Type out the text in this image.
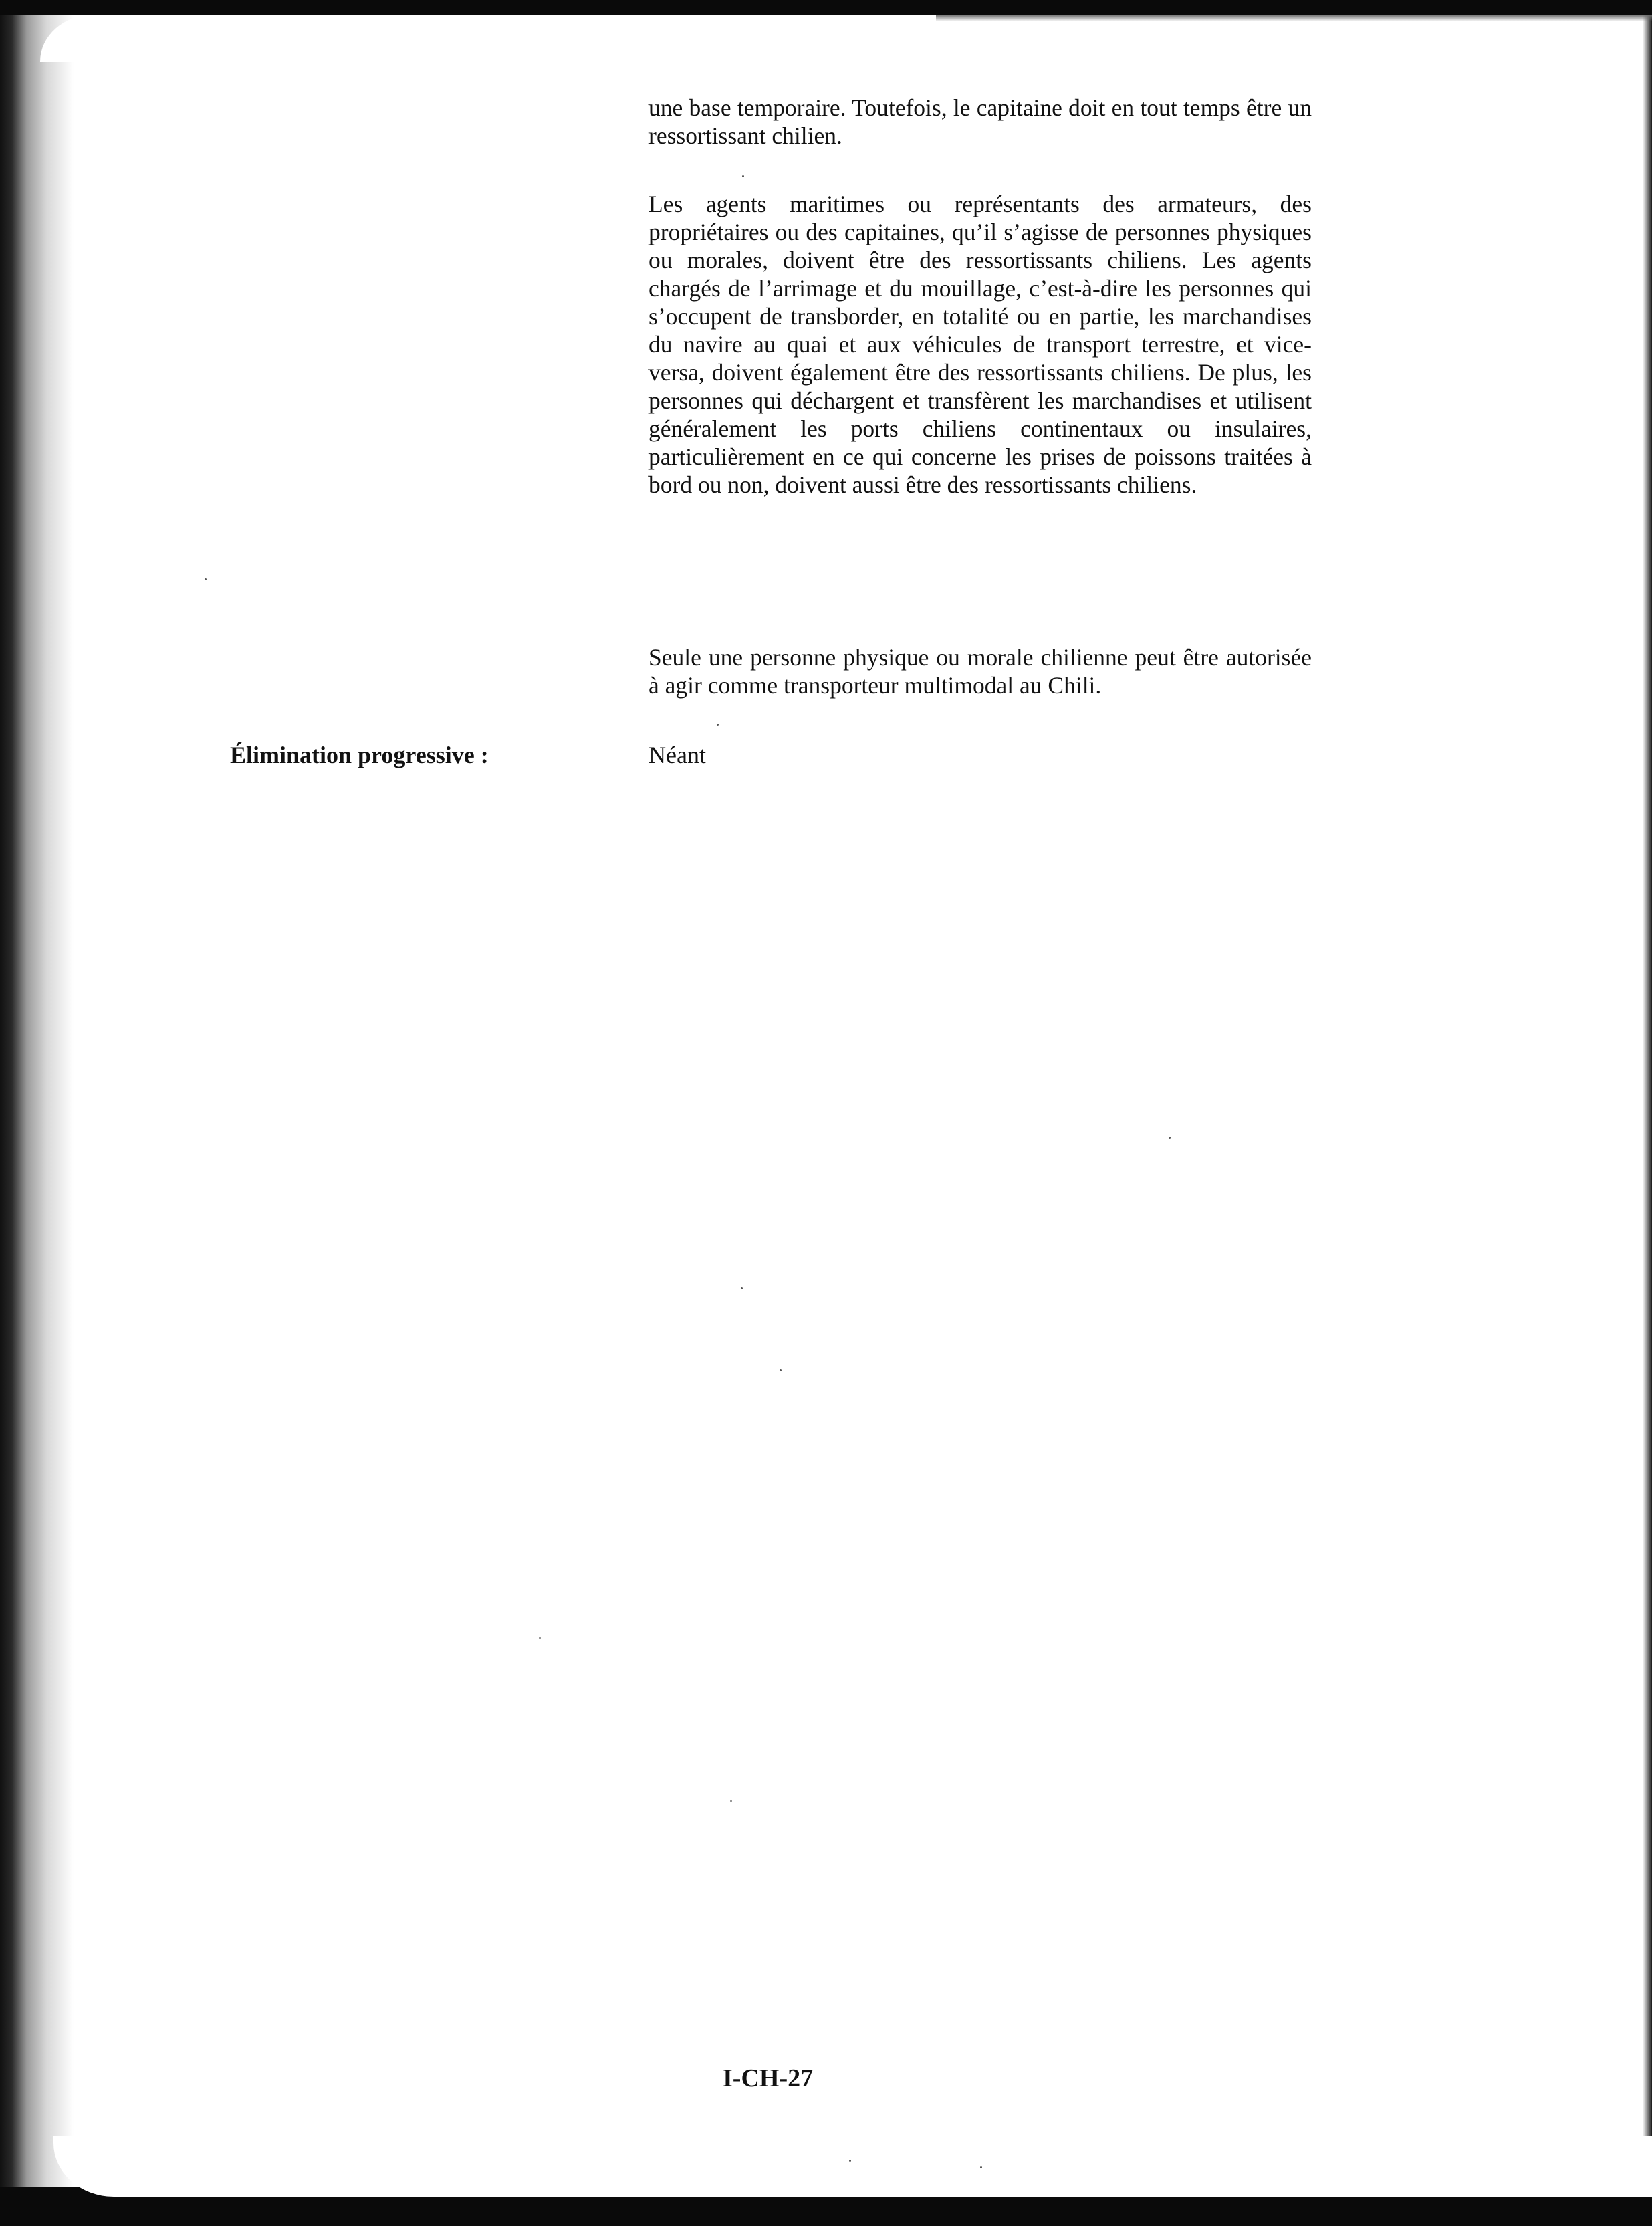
une base temporaire. Toutefois, le capitaine doit en tout temps être un ressortissant chilien.

Les agents maritimes ou représentants des armateurs, des propriétaires ou des capitaines, qu’il s’agisse de personnes physiques ou morales, doivent être des ressortissants chiliens. Les agents chargés de l’arrimage et du mouillage, c’est-à-dire les personnes qui s’occupent de transborder, en totalité ou en partie, les marchandises du navire au quai et aux véhicules de transport terrestre, et vice-versa, doivent également être des ressortissants chiliens. De plus, les personnes qui déchargent et transfèrent les marchandises et utilisent généralement les ports chiliens continentaux ou insulaires, particulièrement en ce qui concerne les prises de poissons traitées à bord ou non, doivent aussi être des ressortissants chiliens.

Seule une personne physique ou morale chilienne peut être autorisée à agir comme transporteur multimodal au Chili.

Élimination progressive :	Néant

I-CH-27
